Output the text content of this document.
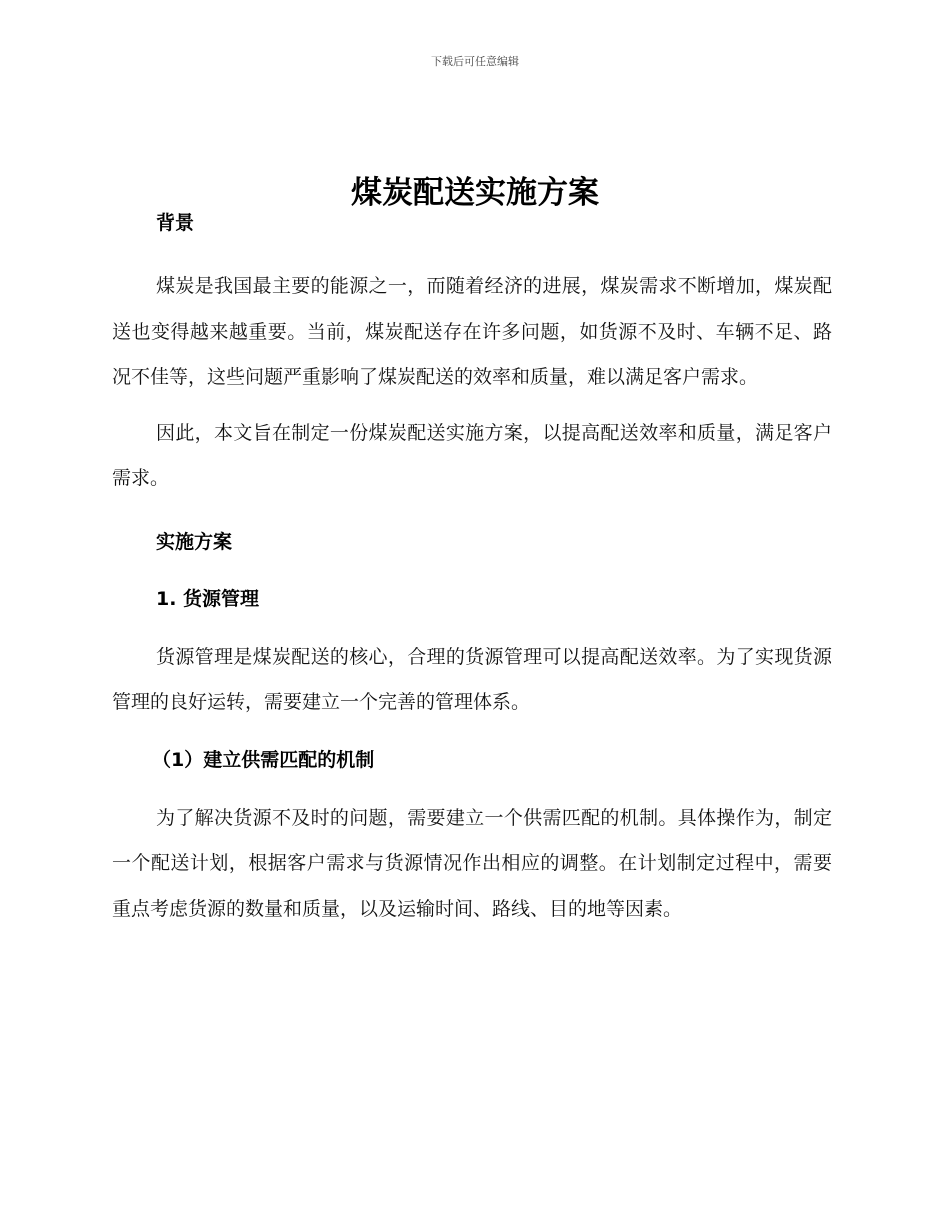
下载后可任意编辑
煤炭配送实施方案

背景

煤炭是我国最主要的能源之一，而随着经济的进展，煤炭需求不断增加，煤炭配送也变得越来越重要。当前，煤炭配送存在许多问题，如货源不及时、车辆不足、路况不佳等，这些问题严重影响了煤炭配送的效率和质量，难以满足客户需求。

因此，本文旨在制定一份煤炭配送实施方案，以提高配送效率和质量，满足客户需求。

实施方案

1. 货源管理

货源管理是煤炭配送的核心，合理的货源管理可以提高配送效率。为了实现货源管理的良好运转，需要建立一个完善的管理体系。

（1）建立供需匹配的机制

为了解决货源不及时的问题，需要建立一个供需匹配的机制。具体操作为，制定一个配送计划，根据客户需求与货源情况作出相应的调整。在计划制定过程中，需要重点考虑货源的数量和质量，以及运输时间、路线、目的地等因素。
